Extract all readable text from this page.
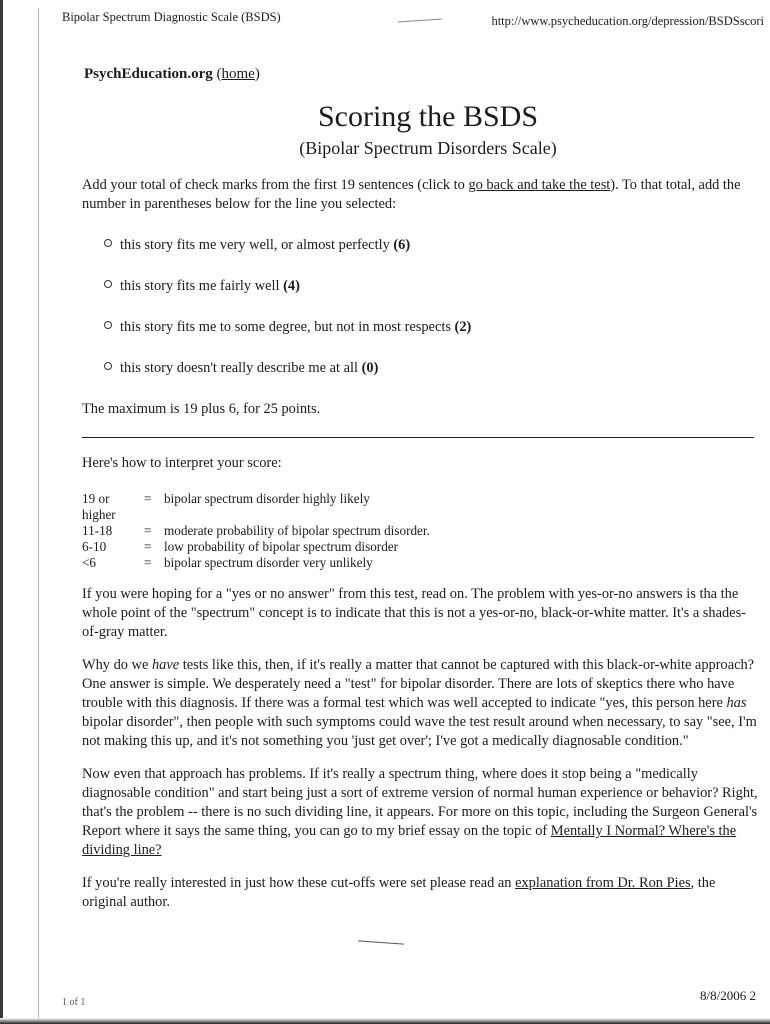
Bipolar Spectrum Diagnostic Scale (BSDS)	http://www.psycheducation.org/depression/BSDSscori
PsychEducation.org (home)
Scoring the BSDS
(Bipolar Spectrum Disorders Scale)

Add your total of check marks from the first 19 sentences (click to go back and take the test). To that total, add the number in parentheses below for the line you selected:

this story fits me very well, or almost perfectly (6)
this story fits me fairly well (4)
this story fits me to some degree, but not in most respects (2)
this story doesn't really describe me at all (0)

The maximum is 19 plus 6, for 25 points.

Here's how to interpret your score:

19 or higher	=	bipolar spectrum disorder highly likely
11-18	=	moderate probability of bipolar spectrum disorder.
6-10	=	low probability of bipolar spectrum disorder
<6	=	bipolar spectrum disorder very unlikely

If you were hoping for a "yes or no answer" from this test, read on. The problem with yes-or-no answers is tha the whole point of the "spectrum" concept is to indicate that this is not a yes-or-no, black-or-white matter. It's a shades-of-gray matter.

Why do we have tests like this, then, if it's really a matter that cannot be captured with this black-or-white approach? One answer is simple. We desperately need a "test" for bipolar disorder. There are lots of skeptics there who have trouble with this diagnosis. If there was a formal test which was well accepted to indicate "yes, this person here has bipolar disorder", then people with such symptoms could wave the test result around when necessary, to say "see, I'm not making this up, and it's not something you 'just get over'; I've got a medically diagnosable condition."

Now even that approach has problems. If it's really a spectrum thing, where does it stop being a "medically diagnosable condition" and start being just a sort of extreme version of normal human experience or behavior? Right, that's the problem -- there is no such dividing line, it appears. For more on this topic, including the Surgeon General's Report where it says the same thing, you can go to my brief essay on the topic of Mentally I Normal? Where's the dividing line?

If you're really interested in just how these cut-offs were set please read an explanation from Dr. Ron Pies, the original author.

1 of 1	8/8/2006 2
